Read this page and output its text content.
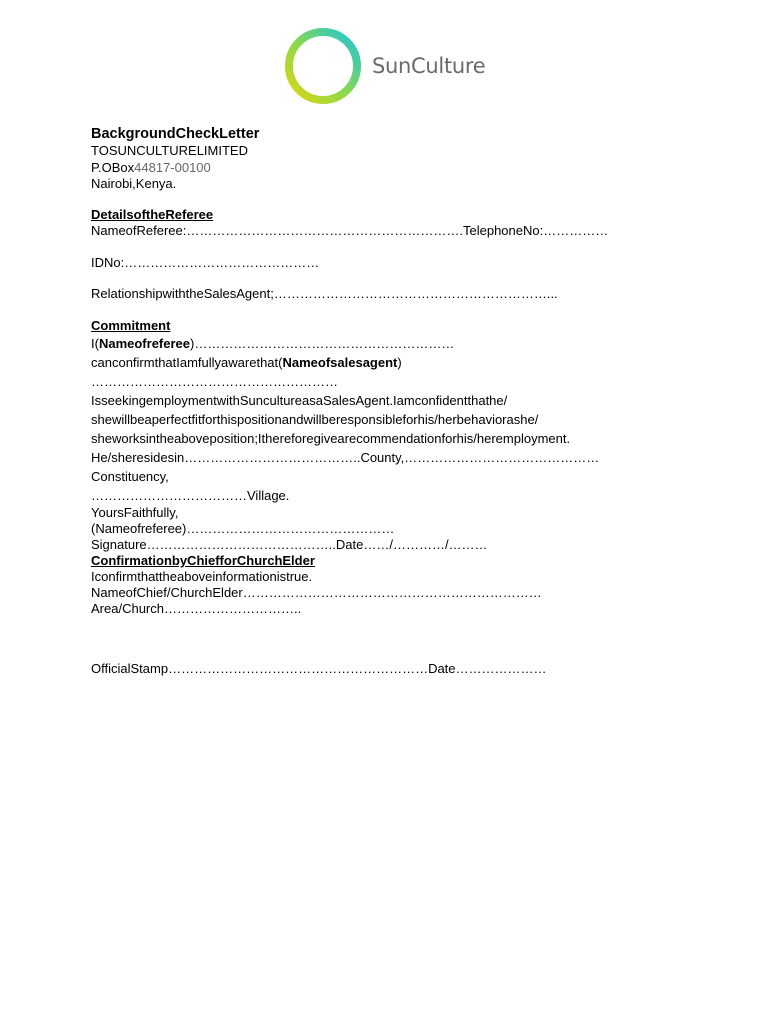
SunCulture
BackgroundCheckLetter
TOSUNCULTURELIMITED
P.OBox44817-00100
Nairobi,Kenya.
DetailsoftheReferee
NameofReferee:……………………………………………………….TelephoneNo:……………
IDNo:………………………………………
RelationshipwiththeSalesAgent;………………………………………………………...
Commitment
I(Nameofreferee)……………………………………………………
canconfirmthatIamfullyawarethat(Nameofsalesagent)
…………………………………………………
IsseekingemploymentwithSuncultureasaSalesAgent.Iamconfidentthathe/
shewillbeaperfectfitforthispositionandwillberesponsibleforhis/herbehaviorashe/
sheworksintheaboveposition;Ithereforegivearecommendationforhis/heremployment.
He/sheresidesin…………………………………..County,………………………………………
Constituency,
………………………………Village.
YoursFaithfully,
(Nameofreferee)…………………………………………
Signature……………………………………..Date……/…………/………
ConfirmationbyChiefforChurchElder
Iconfirmthattheaboveinformationistrue.
NameofChief/ChurchElder……………………………………………………………
Area/Church…………………………..
OfficialStamp……………………………………………………Date…………………
